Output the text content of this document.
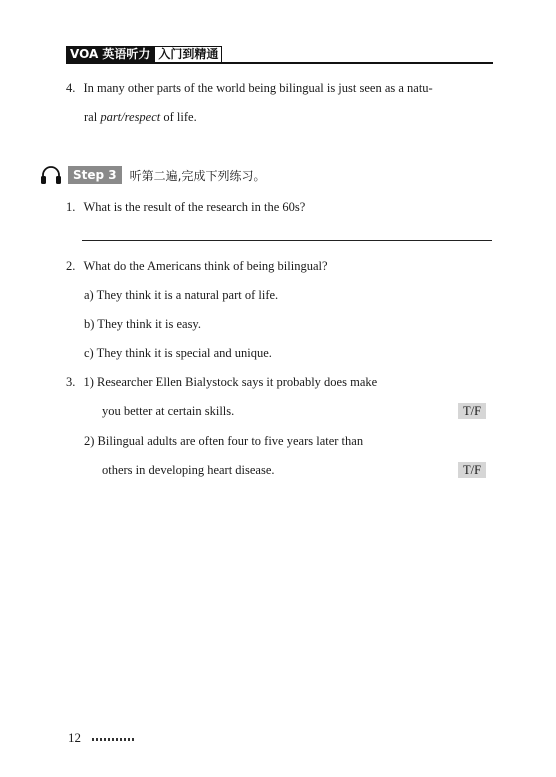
VOA 英语听力 入门到精通
4. In many other parts of the world being bilingual is just seen as a natu-
ral part/respect of life.
Step 3	听第二遍,完成下列练习。
1. What is the result of the research in the 60s?
2. What do the Americans think of being bilingual?
a) They think it is a natural part of life.
b) They think it is easy.
c) They think it is special and unique.
3. 1) Researcher Ellen Bialystock says it probably does make
you better at certain skills.	T/F
2) Bilingual adults are often four to five years later than
others in developing heart disease.	T/F
12
